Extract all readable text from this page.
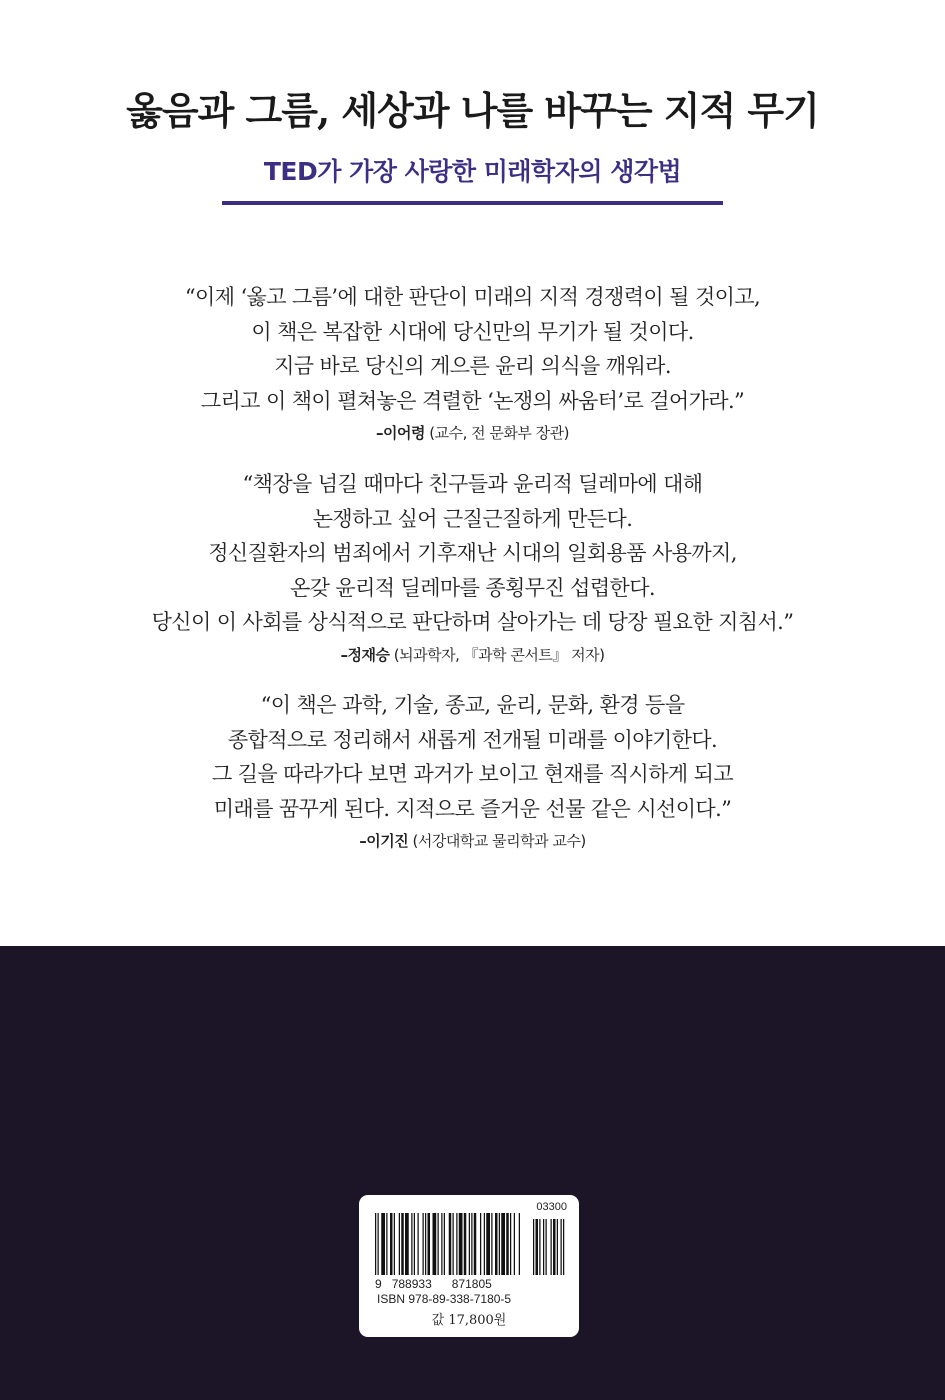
옳음과 그름, 세상과 나를 바꾸는 지적 무기
TED가 가장 사랑한 미래학자의 생각법
“이제 ‘옳고 그름’에 대한 판단이 미래의 지적 경쟁력이 될 것이고,
이 책은 복잡한 시대에 당신만의 무기가 될 것이다.
지금 바로 당신의 게으른 윤리 의식을 깨워라.
그리고 이 책이 펼쳐놓은 격렬한 ‘논쟁의 싸움터’로 걸어가라.”
–이어령 (교수, 전 문화부 장관)
“책장을 넘길 때마다 친구들과 윤리적 딜레마에 대해
논쟁하고 싶어 근질근질하게 만든다.
정신질환자의 범죄에서 기후재난 시대의 일회용품 사용까지,
온갖 윤리적 딜레마를 종횡무진 섭렵한다.
당신이 이 사회를 상식적으로 판단하며 살아가는 데 당장 필요한 지침서.”
–정재승 (뇌과학자, 『과학 콘서트』 저자)
“이 책은 과학, 기술, 종교, 윤리, 문화, 환경 등을
종합적으로 정리해서 새롭게 전개될 미래를 이야기한다.
그 길을 따라가다 보면 과거가 보이고 현재를 직시하게 되고
미래를 꿈꾸게 된다. 지적으로 즐거운 선물 같은 시선이다.”
–이기진 (서강대학교 물리학과 교수)
03300
9 788933 871805
ISBN 978-89-338-7180-5
값 17,800원
